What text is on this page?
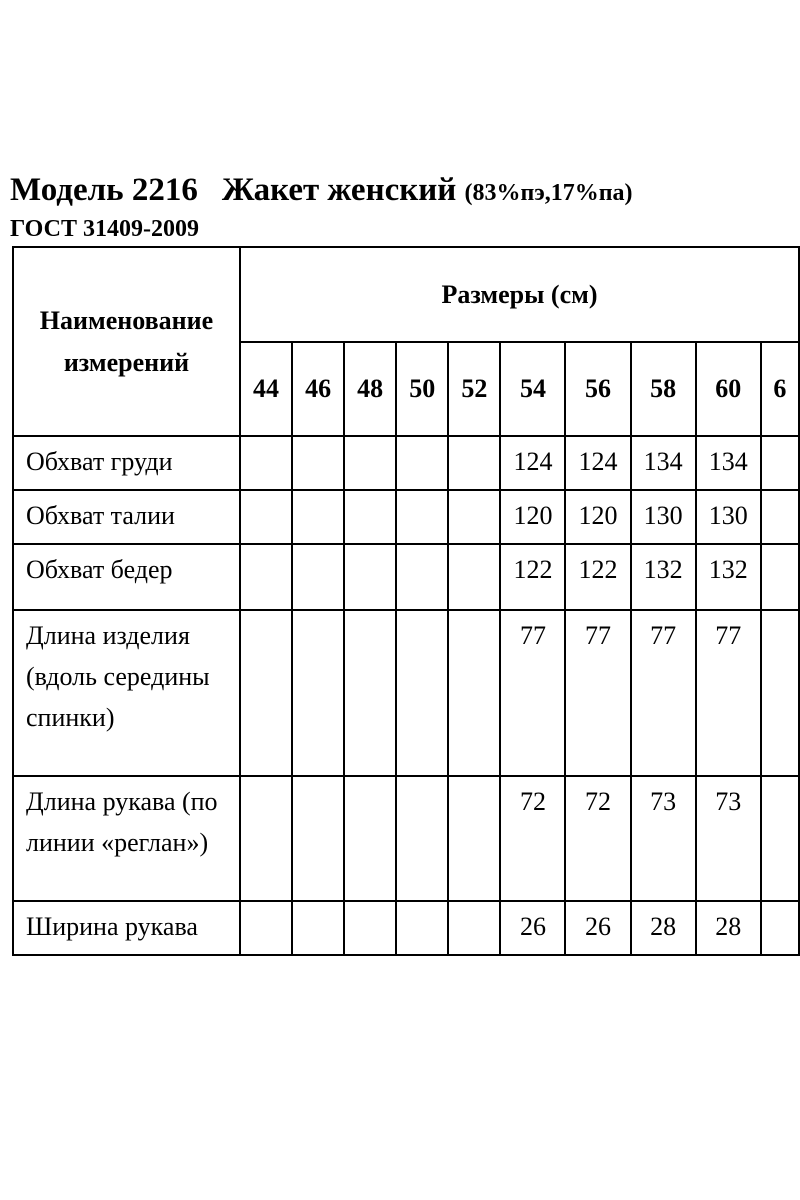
Модель 2216 Жакет женский (83%пэ,17%па)
ГОСТ 31409-2009
Наименование измерений	Размеры (см)									
	44	46	48	50	52	54	56	58	60	6
Обхват груди						124	124	134	134	
Обхват талии						120	120	130	130	
Обхват бедер						122	122	132	132	
Длина изделия (вдоль середины спинки)						77	77	77	77	
Длина рукава (по линии «реглан»)						72	72	73	73	
Ширина рукава						26	26	28	28	
